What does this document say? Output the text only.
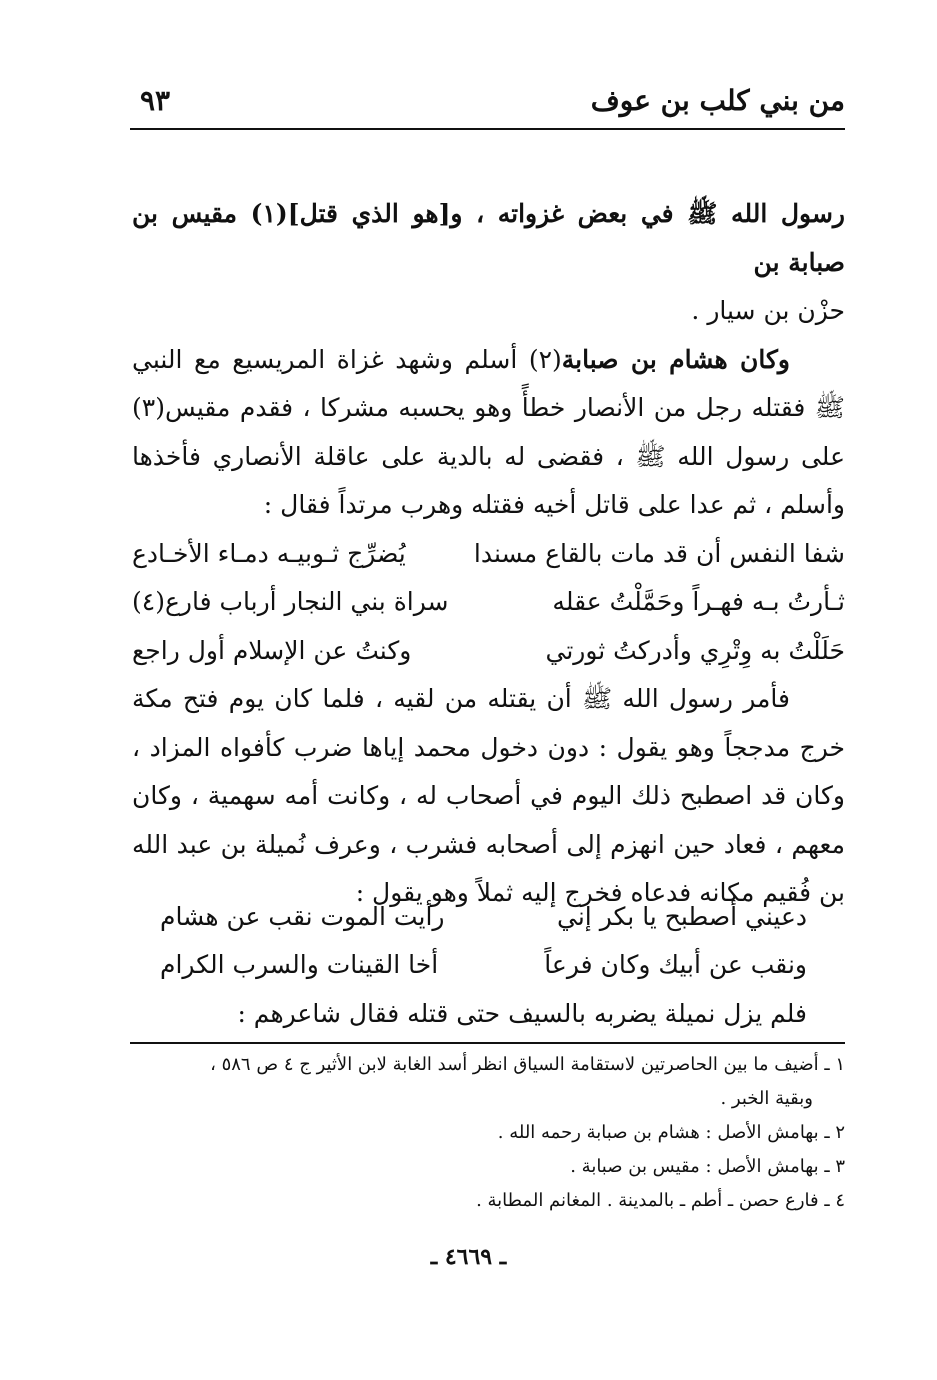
من بني كلب بن عوف
٩٣

رسول الله ﷺ في بعض غزواته ، و[هو الذي قتل](١) مقيس بن صبابة بن

حزْن بن سيار .

وكان هشام بن صبابة(٢) أسلم وشهد غزاة المريسيع مع النبي ﷺ فقتله رجل من الأنصار خطأً وهو يحسبه مشركا ، فقدم مقيس(٣) على رسول الله ﷺ ، فقضى له بالدية على عاقلة الأنصاري فأخذها وأسلم ، ثم عدا على قاتل أخيه فقتله وهرب مرتداً فقال :

شفا النفس أن قد مات بالقاع مسندا
يُضرِّج ثـوبيـه دمـاء الأخـادع
ثـأرتُ بـه فهـراً وحَمَّلْتُ عقله
سراة بني النجار أرباب فارع(٤)
حَلَلْتُ به وِتْرِي وأدركتُ ثورتي
وكنتُ عن الإسلام أول راجع

فأمر رسول الله ﷺ أن يقتله من لقيه ، فلما كان يوم فتح مكة خرج مدججاً وهو يقول : دون دخول محمد إياها ضرب كأفواه المزاد ، وكان قد اصطبح ذلك اليوم في أصحاب له ، وكانت أمه سهمية ، وكان معهم ، فعاد حين انهزم إلى أصحابه فشرب ، وعرف نُميلة بن عبد الله بن فُقيم مكانه فدعاه فخرج إليه ثملاً وهو يقول :

دعيني أصطبح يا بكر إني
رأيت الموت نقب عن هشام
ونقب عن أبيك وكان فرعاً
أخا القينات والسرب الكرام
فلم يزل نميلة يضربه بالسيف حتى قتله فقال شاعرهم :

١ ـ أضيف ما بين الحاصرتين لاستقامة السياق انظر أسد الغابة لابن الأثير ج ٤ ص ٥٨٦ ،

وبقية الخبر .

٢ ـ بهامش الأصل : هشام بن صبابة رحمه الله .

٣ ـ بهامش الأصل : مقيس بن صبابة .

٤ ـ فارع حصن ـ أطم ـ بالمدينة . المغانم المطابة .

ـ ٤٦٦٩ ـ
